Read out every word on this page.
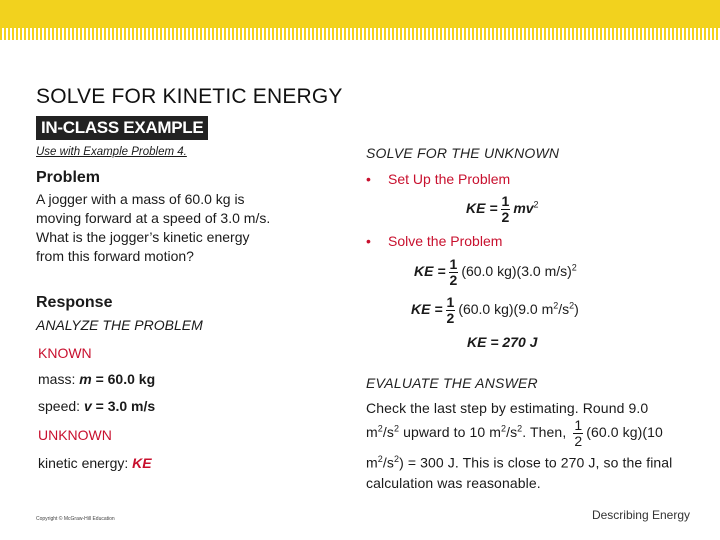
SOLVE FOR KINETIC ENERGY
IN-CLASS EXAMPLE
Use with Example Problem 4.
Problem
A jogger with a mass of 60.0 kg is
moving forward at a speed of 3.0 m/s.
What is the jogger’s kinetic energy
from this forward motion?
Response
ANALYZE THE PROBLEM
KNOWN
mass: m = 60.0 kg
speed: v = 3.0 m/s
UNKNOWN
kinetic energy: KE
SOLVE FOR THE UNKNOWN
• Set Up the Problem
KE = $\frac{1}{2} mv^2$
• Solve the Problem
KE = $\frac{1}{2} (60.0$ kg)(3.0 m/s)$^2$
KE = $\frac{1}{2} (60.0$ kg)(9.0 $m^2/s^2$)
KE = 270 J
EVALUATE THE ANSWER
Check the last step by estimating. Round 9.0 $m^2/s^2$ upward to 10 $m^2/s^2$. Then, $\frac{1}{2} (60.0$ kg)(10 $m^2/s^2) = 300$ J. This is close to 270 J, so the final calculation was reasonable.
Copyright © McGraw-Hill Education	Describing Energy
